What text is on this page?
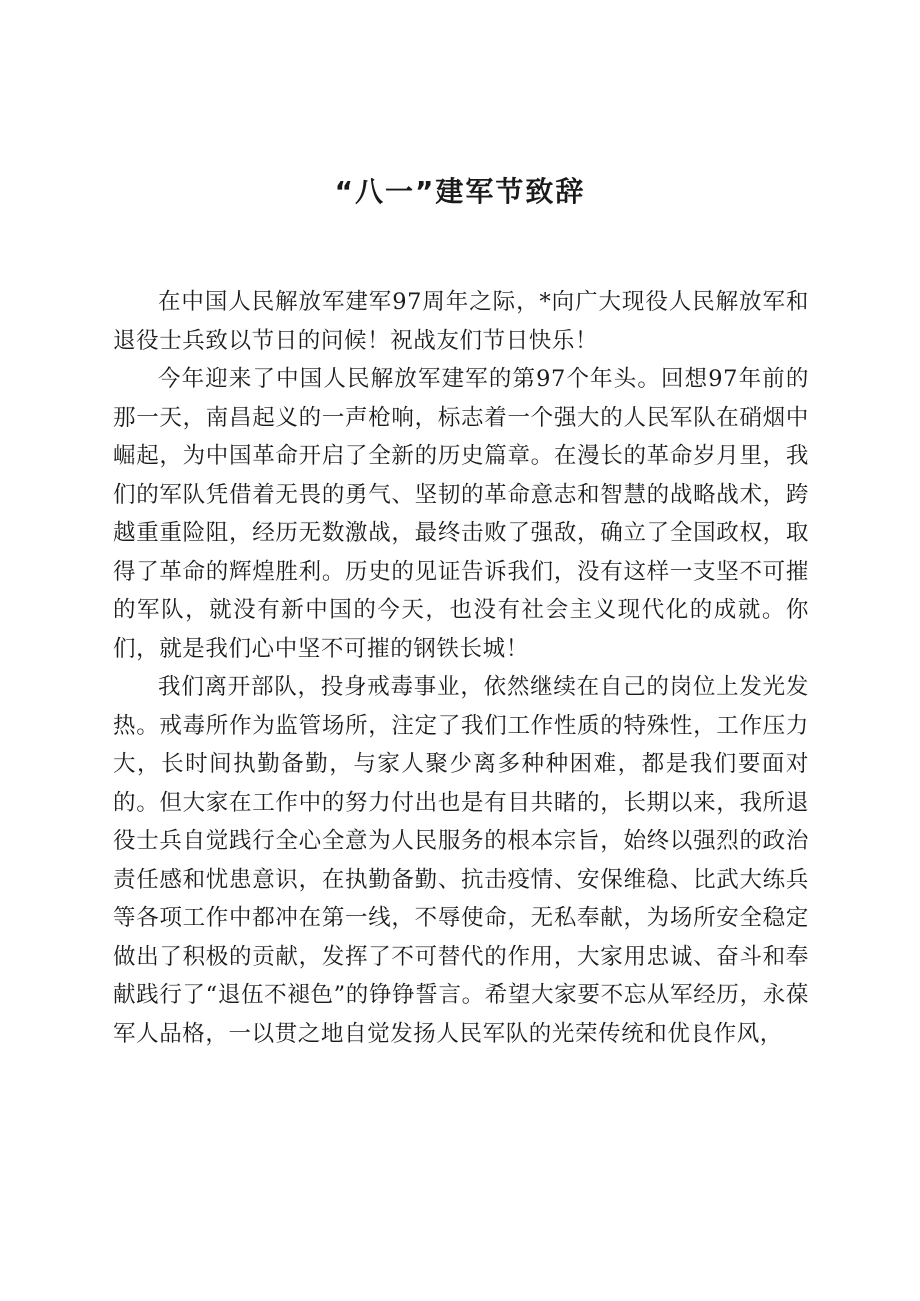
“八一”建军节致辞

在中国人民解放军建军97周年之际，*向广大现役人民解放军和退役士兵致以节日的问候！祝战友们节日快乐！

今年迎来了中国人民解放军建军的第97个年头。回想97年前的那一天，南昌起义的一声枪响，标志着一个强大的人民军队在硝烟中崛起，为中国革命开启了全新的历史篇章。在漫长的革命岁月里，我们的军队凭借着无畏的勇气、坚韧的革命意志和智慧的战略战术，跨越重重险阻，经历无数激战，最终击败了强敌，确立了全国政权，取得了革命的辉煌胜利。历史的见证告诉我们，没有这样一支坚不可摧的军队，就没有新中国的今天，也没有社会主义现代化的成就。你们，就是我们心中坚不可摧的钢铁长城！

我们离开部队，投身戒毒事业，依然继续在自己的岗位上发光发热。戒毒所作为监管场所，注定了我们工作性质的特殊性，工作压力大，长时间执勤备勤，与家人聚少离多种种困难，都是我们要面对的。但大家在工作中的努力付出也是有目共睹的，长期以来，我所退役士兵自觉践行全心全意为人民服务的根本宗旨，始终以强烈的政治责任感和忧患意识，在执勤备勤、抗击疫情、安保维稳、比武大练兵等各项工作中都冲在第一线，不辱使命，无私奉献，为场所安全稳定做出了积极的贡献，发挥了不可替代的作用，大家用忠诚、奋斗和奉献践行了“退伍不褪色”的铮铮誓言。希望大家要不忘从军经历，永葆军人品格，一以贯之地自觉发扬人民军队的光荣传统和优良作风，
